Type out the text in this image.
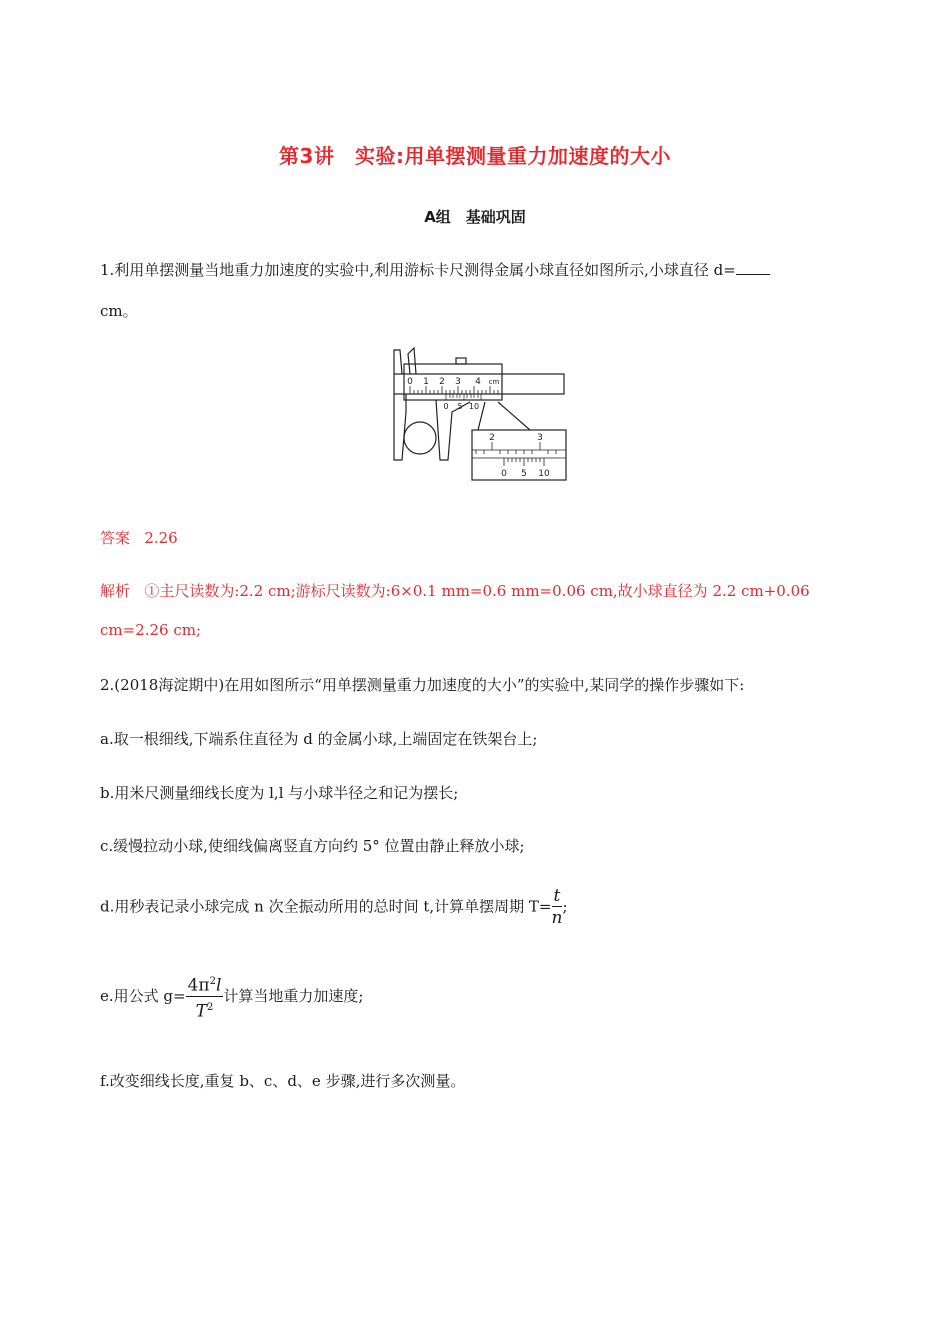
第3讲　实验:用单摆测量重力加速度的大小
A组　基础巩固
1.利用单摆测量当地重力加速度的实验中,利用游标卡尺测得金属小球直径如图所示,小球直径 d=
cm。
0 1 2 3 4 cm
0 5 10
2	3
0 5 10
答案 2.26
解析 ①主尺读数为:2.2 cm;游标尺读数为:6×0.1 mm=0.6 mm=0.06 cm,故小球直径为 2.2 cm+0.06
cm=2.26 cm;
2.(2018海淀期中)在用如图所示“用单摆测量重力加速度的大小”的实验中,某同学的操作步骤如下:
a.取一根细线,下端系住直径为 d 的金属小球,上端固定在铁架台上;
b.用米尺测量细线长度为 l,l 与小球半径之和记为摆长;
c.缓慢拉动小球,使细线偏离竖直方向约 5° 位置由静止释放小球;
d.用秒表记录小球完成 n 次全振动所用的总时间 t,计算单摆周期 $T= \frac{t}{n}$ ;
e.用公式 $g= \frac{4\pi^2l}{T^2}$ 计算当地重力加速度;
f.改变细线长度,重复 b、c、d、e 步骤,进行多次测量。
